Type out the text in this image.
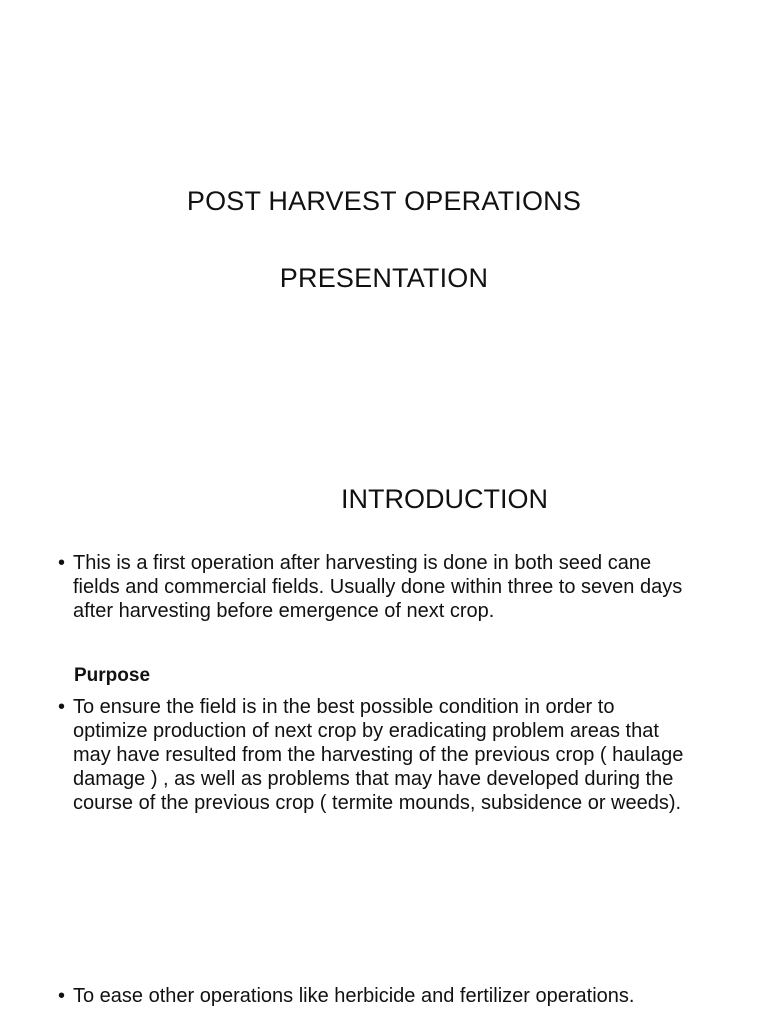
POST HARVEST OPERATIONS
PRESENTATION
INTRODUCTION
• This is a first operation after harvesting is done in both seed cane
fields and commercial fields. Usually done within three to seven days
after harvesting before emergence of next crop.
Purpose
• To ensure the field is in the best possible condition in order to
optimize production of next crop by eradicating problem areas that
may have resulted from the harvesting of the previous crop ( haulage
damage ) , as well as problems that may have developed during the
course of the previous crop ( termite mounds, subsidence or weeds).
• To ease other operations like herbicide and fertilizer operations.
